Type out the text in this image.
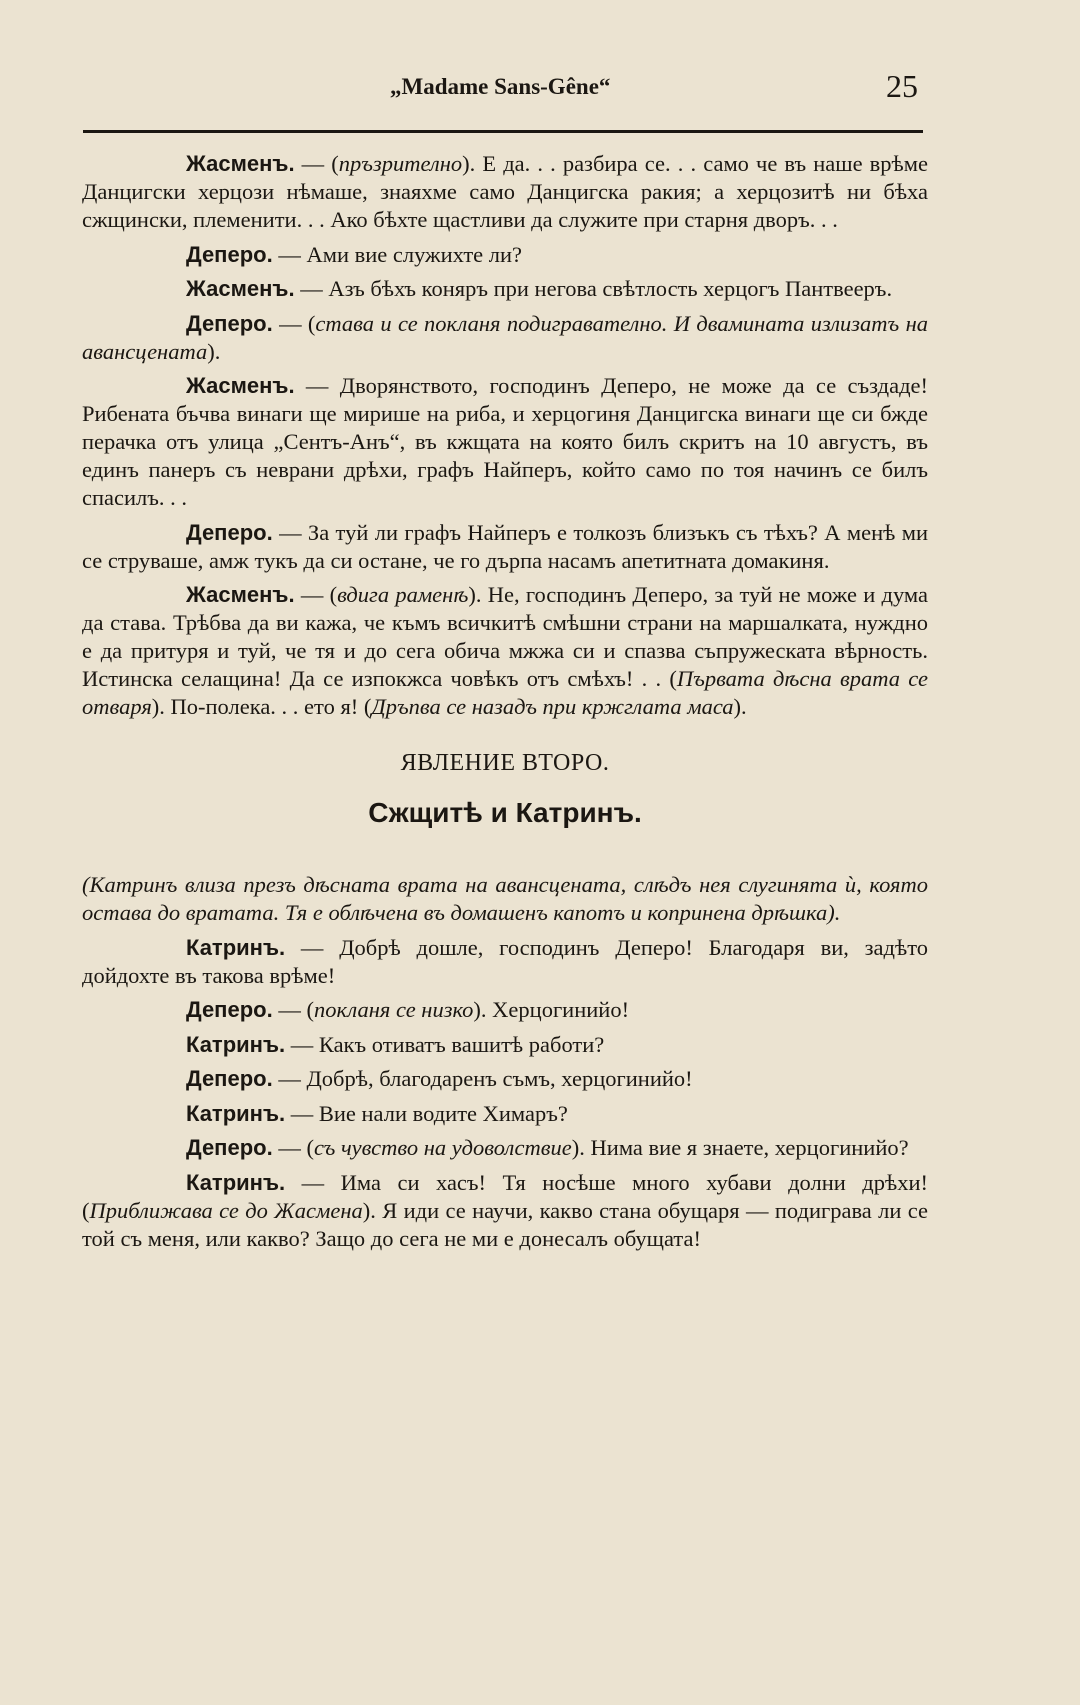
„Madame Sans-Gêne“	25

Жасменъ. — (пръзрително). Е да. . . разбира се. . . само че въ наше врѣме Данцигски херцози нѣмаше, знаяхме само Данцигска ракия; а херцозитѣ ни бѣха сжщински, племенити. . . Ако бѣхте щастливи да служите при старня дворъ. . .

Деперо. — Ами вие служихте ли?

Жасменъ. — Азъ бѣхъ коняръ при негова свѣтлость херцогъ Пантвееръ.

Деперо. — (става и се покланя подигравателно. И двамината излизатъ на авансцената).

Жасменъ. — Дворянството, господинъ Деперо, не може да се създаде! Рибената бъчва винаги ще мирише на риба, и херцогиня Данцигска винаги ще си бжде перачка отъ улица „Сентъ-Анъ“, въ кжщата на която билъ скритъ на 10 августъ, въ единъ панеръ съ неврани дрѣхи, графъ Найперъ, който само по тоя начинъ се билъ спасилъ. . .

Деперо. — За туй ли графъ Найперъ е толкозъ близъкъ съ тѣхъ? А менѣ ми се струваше, амж тукъ да си остане, че го дърпа насамъ апетитната домакиня.

Жасменъ. — (вдига раменѣ). Не, господинъ Деперо, за туй не може и дума да става. Трѣбва да ви кажа, че къмъ всичкитѣ смѣшни страни на маршалката, нуждно е да притуря и туй, че тя и до сега обича мжжа си и спазва съпружеската вѣрность. Истинска селащина! Да се изпокжса човѣкъ отъ смѣхъ! . . (Първата дѣсна врата се отваря). По-полека. . . ето я! (Дръпва се назадъ при кржглата маса).

ЯВЛЕНИЕ ВТОРО.

Сжщитѣ и Катринъ.

(Катринъ влиза презъ дѣсната врата на авансцената, слѣдъ нея слугинята ѝ, която остава до вратата. Тя е облѣчена въ домашенъ капотъ и копринена дрѣшка).

Катринъ. — Добрѣ дошле, господинъ Деперо! Благодаря ви, задѣто дойдохте въ такова врѣме!

Деперо. — (покланя се низко). Херцогинийо!

Катринъ. — Какъ отиватъ вашитѣ работи?

Деперо. — Добрѣ, благодаренъ съмъ, херцогинийо!

Катринъ. — Вие нали водите Химаръ?

Деперо. — (съ чувство на удоволствие). Нима вие я знаете, херцогинийо?

Катринъ. — Има си хасъ! Тя носѣше много хубави долни дрѣхи! (Приближава се до Жасмена). Я иди се научи, какво стана обущаря — подиграва ли се той съ меня, или какво? Защо до сега не ми е донесалъ обущата!
